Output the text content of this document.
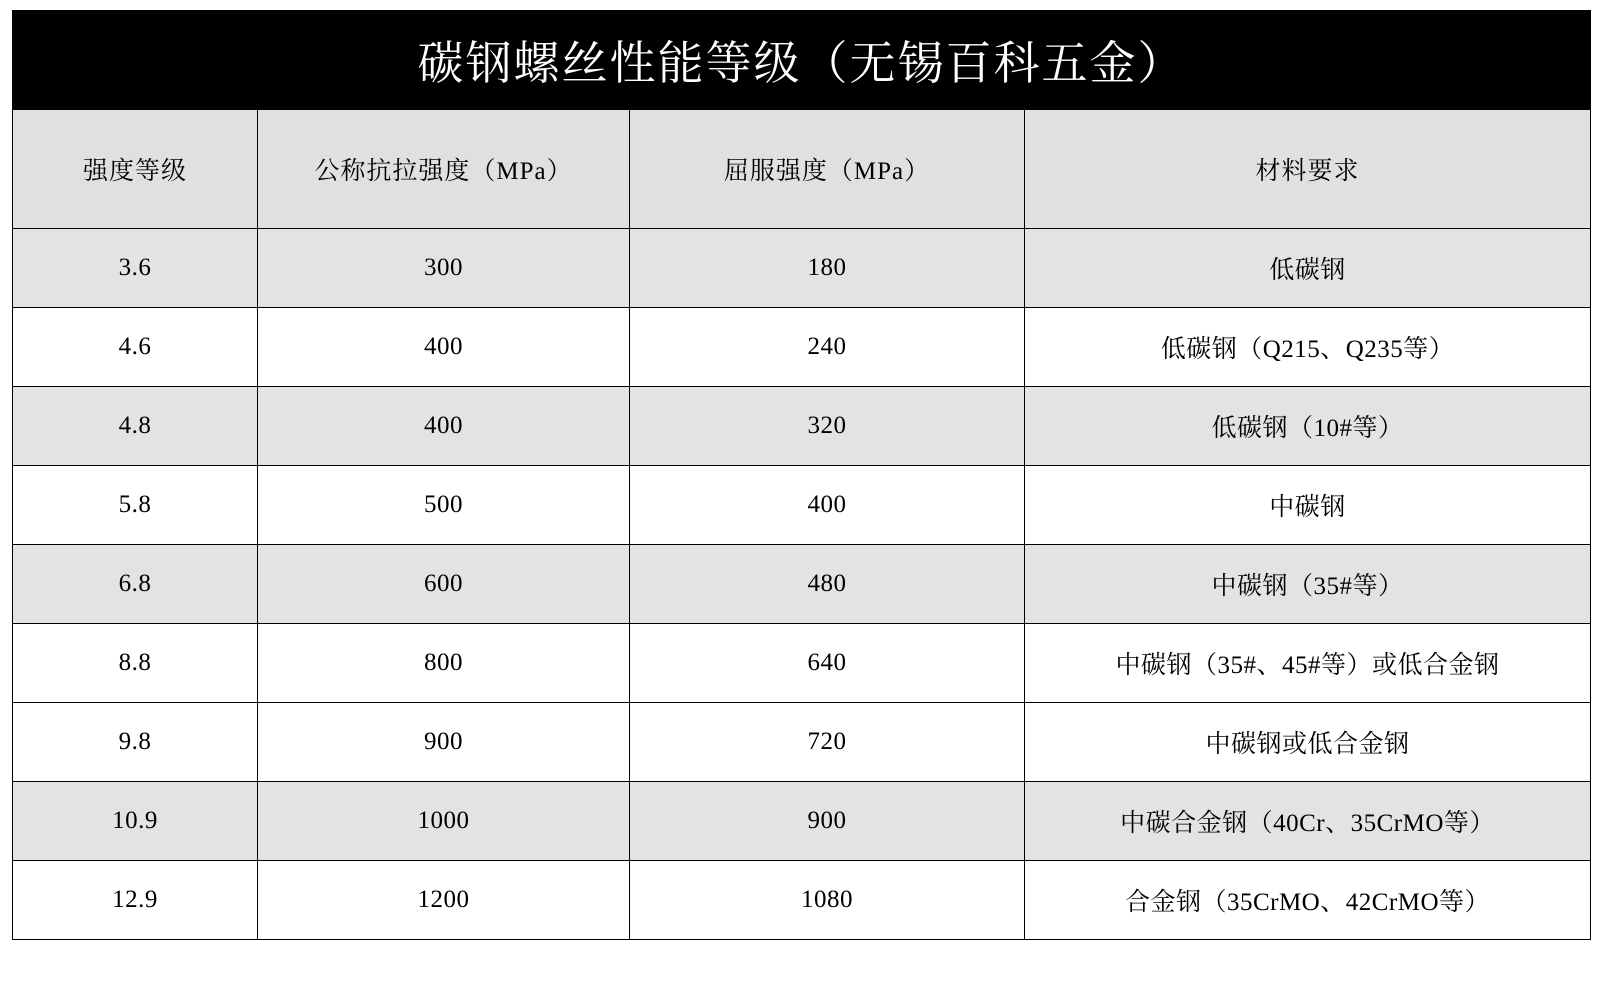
碳钢螺丝性能等级（无锡百科五金）			
强度等级	公称抗拉强度（MPa）	屈服强度（MPa）	材料要求
3.6	300	180	低碳钢
4.6	400	240	低碳钢（Q215、Q235等）
4.8	400	320	低碳钢（10#等）
5.8	500	400	中碳钢
6.8	600	480	中碳钢（35#等）
8.8	800	640	中碳钢（35#、45#等）或低合金钢
9.8	900	720	中碳钢或低合金钢
10.9	1000	900	中碳合金钢（40Cr、35CrMO等）
12.9	1200	1080	合金钢（35CrMO、42CrMO等）
